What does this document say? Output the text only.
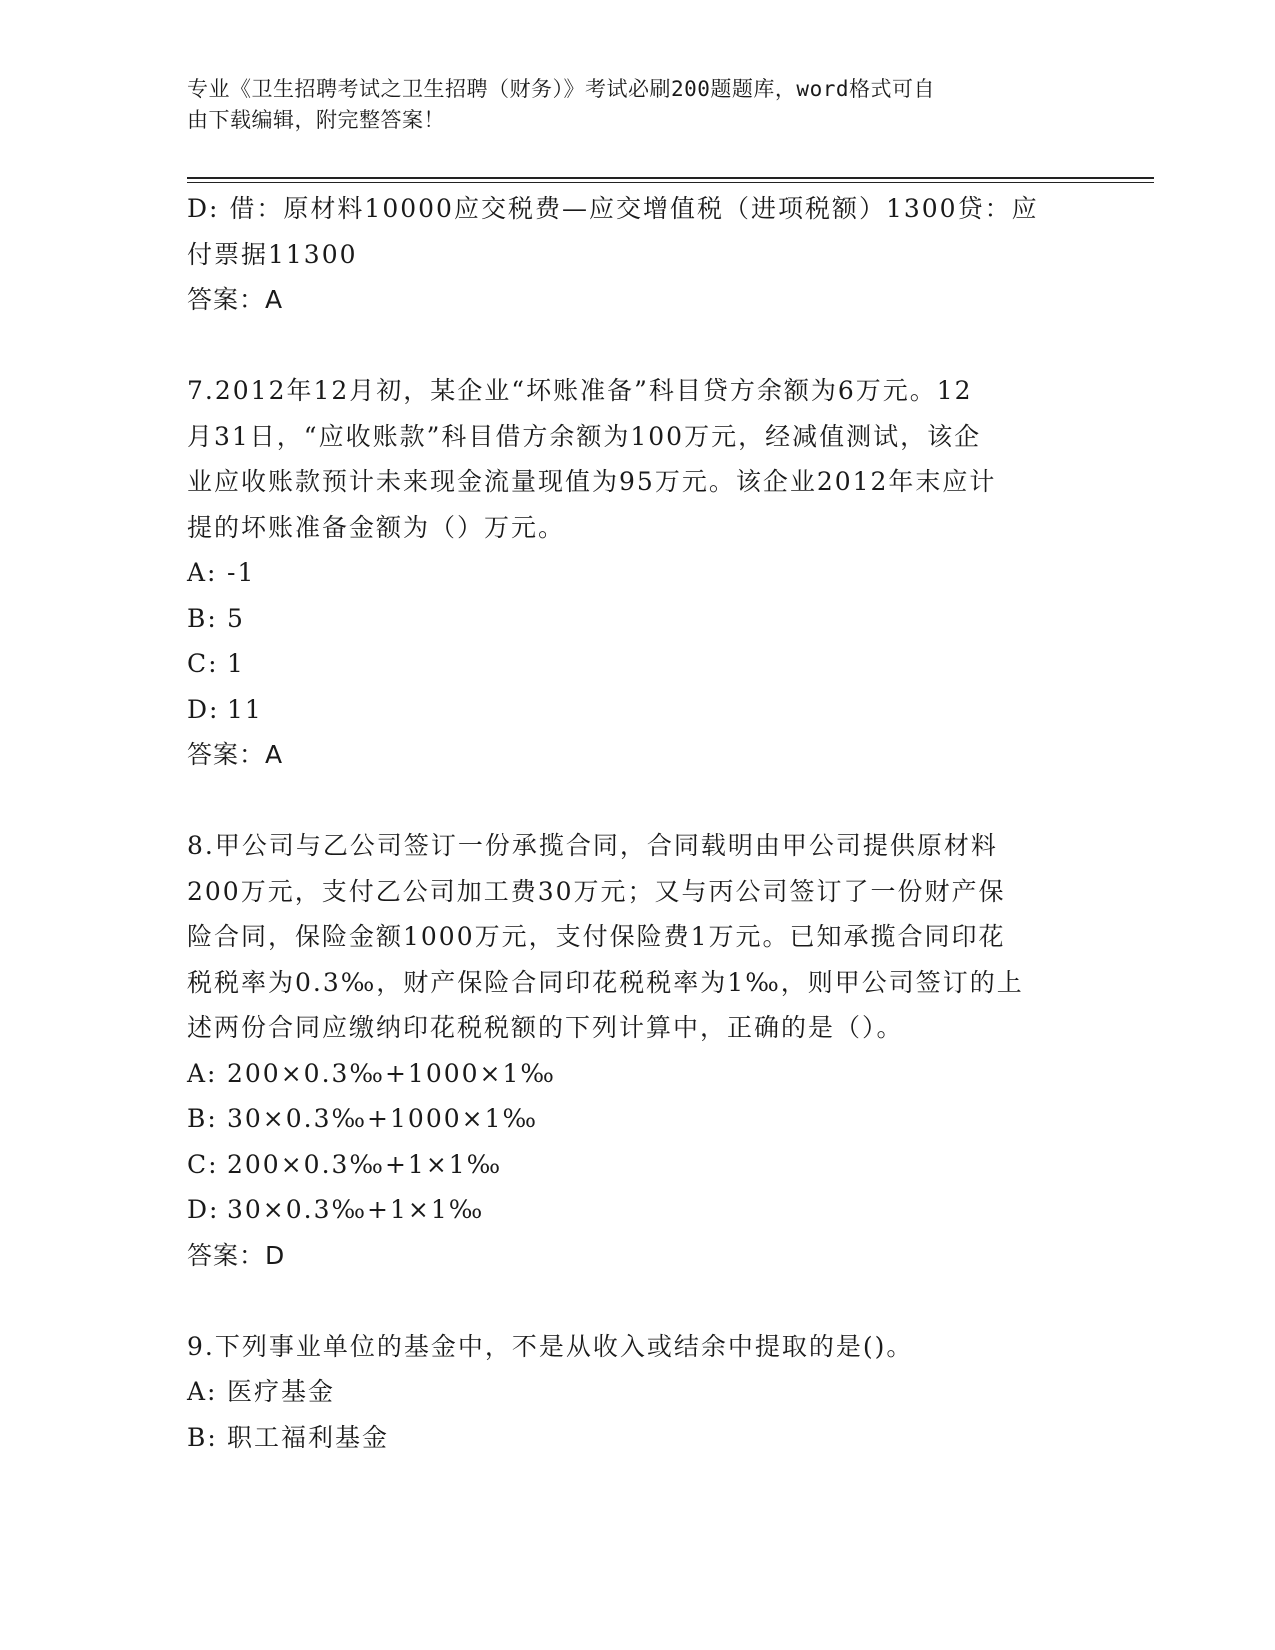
专业《卫生招聘考试之卫生招聘（财务）》考试必刷200题题库，word格式可自
由下载编辑，附完整答案！
D: 借：原材料10000应交税费—应交增值税（进项税额）1300贷：应
付票据11300
答案：A
7.2012年12月初，某企业“坏账准备”科目贷方余额为6万元。12
月31日，“应收账款”科目借方余额为100万元，经减值测试，该企
业应收账款预计未来现金流量现值为95万元。该企业2012年末应计
提的坏账准备金额为（）万元。
A: -1
B: 5
C: 1
D: 11
答案：A
8.甲公司与乙公司签订一份承揽合同，合同载明由甲公司提供原材料
200万元，支付乙公司加工费30万元；又与丙公司签订了一份财产保
险合同，保险金额1000万元，支付保险费1万元。已知承揽合同印花
税税率为0.3‰，财产保险合同印花税税率为1‰，则甲公司签订的上
述两份合同应缴纳印花税税额的下列计算中，正确的是（）。
A: 200×0.3‰+1000×1‰
B: 30×0.3‰+1000×1‰
C: 200×0.3‰+1×1‰
D: 30×0.3‰+1×1‰
答案：D
9.下列事业单位的基金中，不是从收入或结余中提取的是()。
A: 医疗基金
B: 职工福利基金
